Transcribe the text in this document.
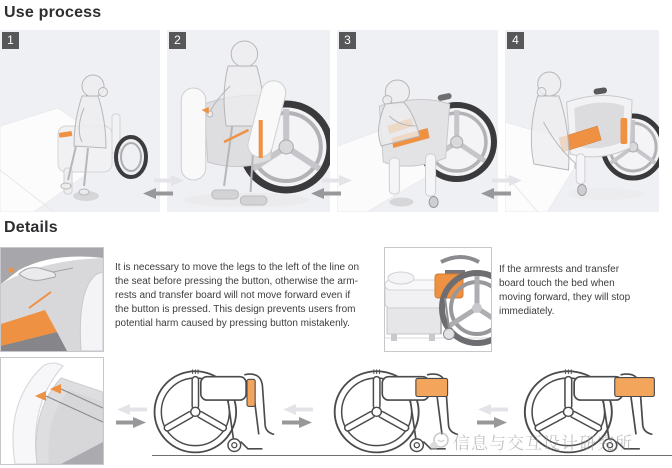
Use process
1	2	3	4
Details
It is necessary to move the legs to the left of the line on
the seat before pressing the button, otherwise the arm-
rests and transfer board will not move forward even if
the button is pressed. This design prevents users from
potential harm caused by pressing button mistakenly.
If the armrests and transfer
board touch the bed when
moving forward, they will stop
immediately.
信息与交互设计研究所
